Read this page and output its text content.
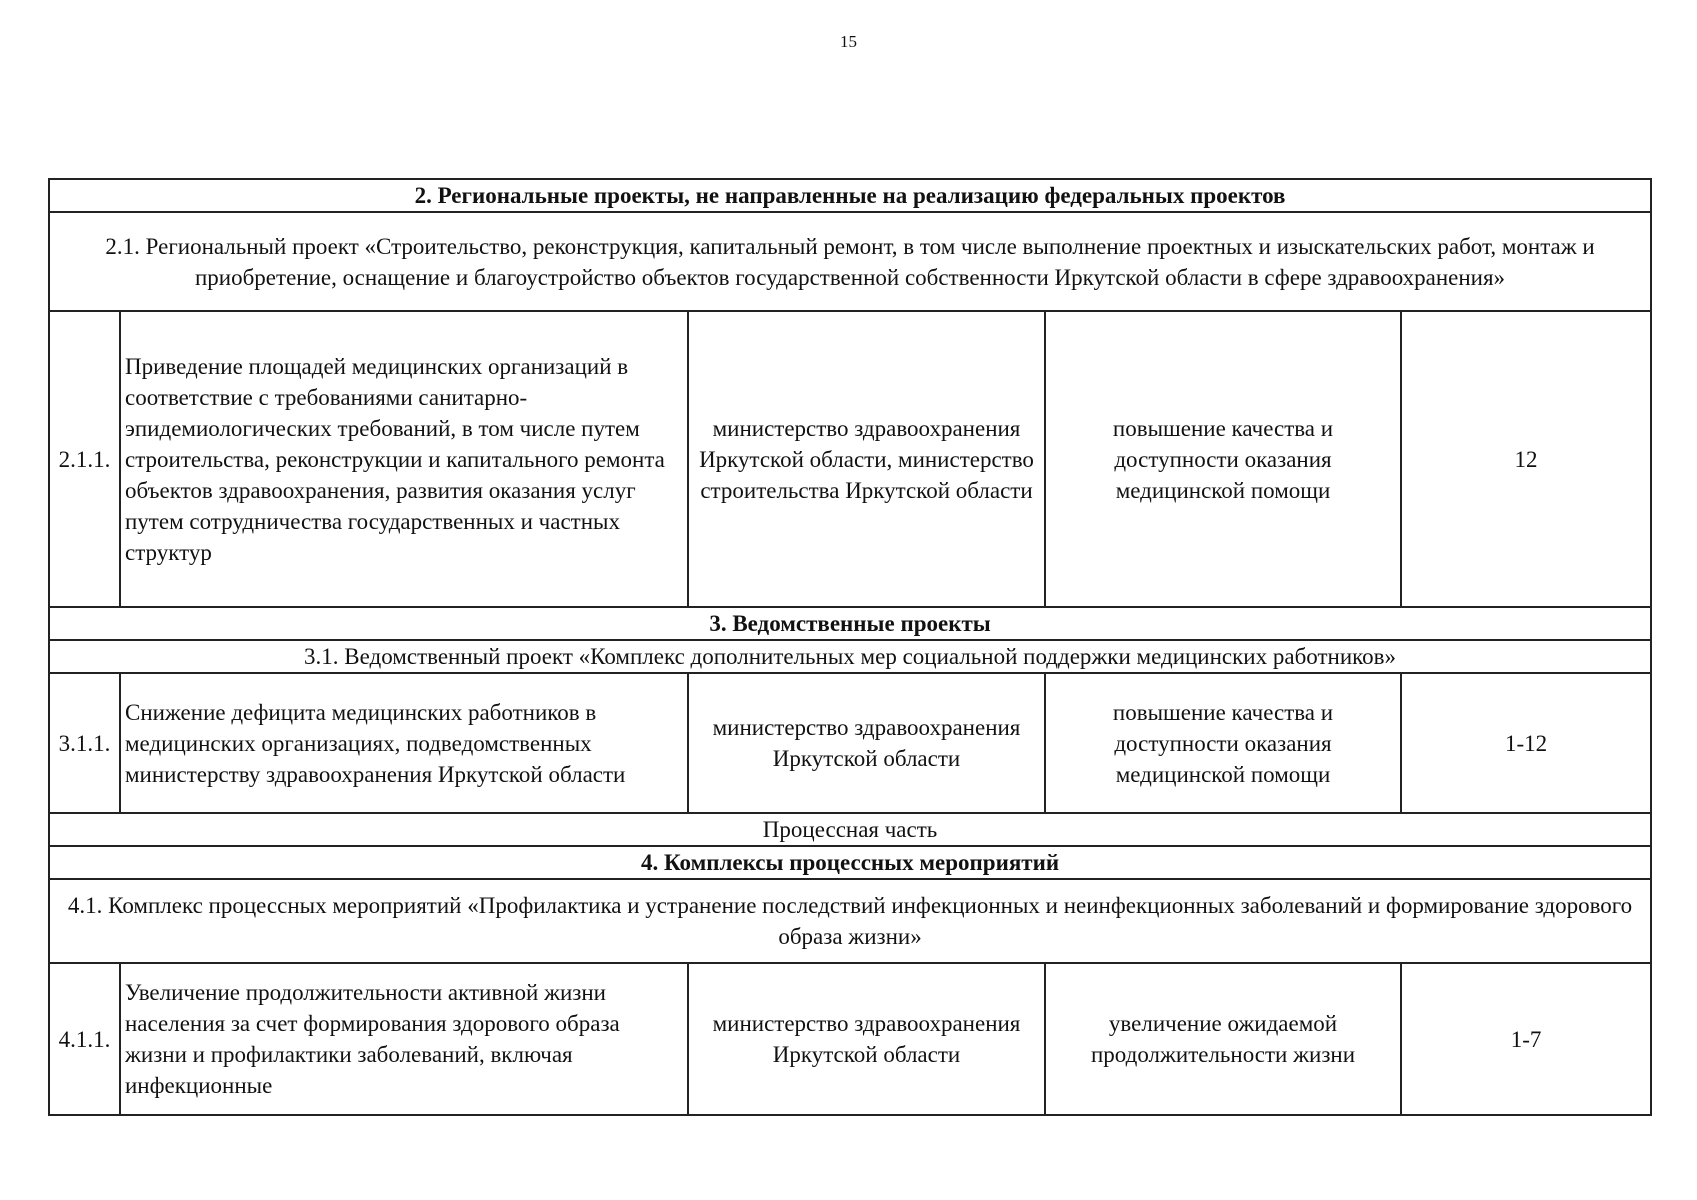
15
2. Региональные проекты, не направленные на реализацию федеральных проектов				
2.1. Региональный проект «Строительство, реконструкция, капитальный ремонт, в том числе выполнение проектных и изыскательских работ, монтаж и приобретение, оснащение и благоустройство объектов государственной собственности Иркутской области в сфере здравоохранения»				
2.1.1.	Приведение площадей медицинских организаций в соответствие с требованиями санитарно-эпидемиологических требований, в том числе путем строительства, реконструкции и капитального ремонта объектов здравоохранения, развития оказания услуг путем сотрудничества государственных и частных структур	министерство здравоохранения Иркутской области, министерство строительства Иркутской области	повышение качества и доступности оказания медицинской помощи	12
3. Ведомственные проекты				
3.1. Ведомственный проект «Комплекс дополнительных мер социальной поддержки медицинских работников»				
3.1.1.	Снижение дефицита медицинских работников в медицинских организациях, подведомственных министерству здравоохранения Иркутской области	министерство здравоохранения Иркутской области	повышение качества и доступности оказания медицинской помощи	1-12
Процессная часть				
4. Комплексы процессных мероприятий				
4.1. Комплекс процессных мероприятий «Профилактика и устранение последствий инфекционных и неинфекционных заболеваний и формирование здорового образа жизни»				
4.1.1.	Увеличение продолжительности активной жизни населения за счет формирования здорового образа жизни и профилактики заболеваний, включая инфекционные	министерство здравоохранения Иркутской области	увеличение ожидаемой продолжительности жизни	1-7
